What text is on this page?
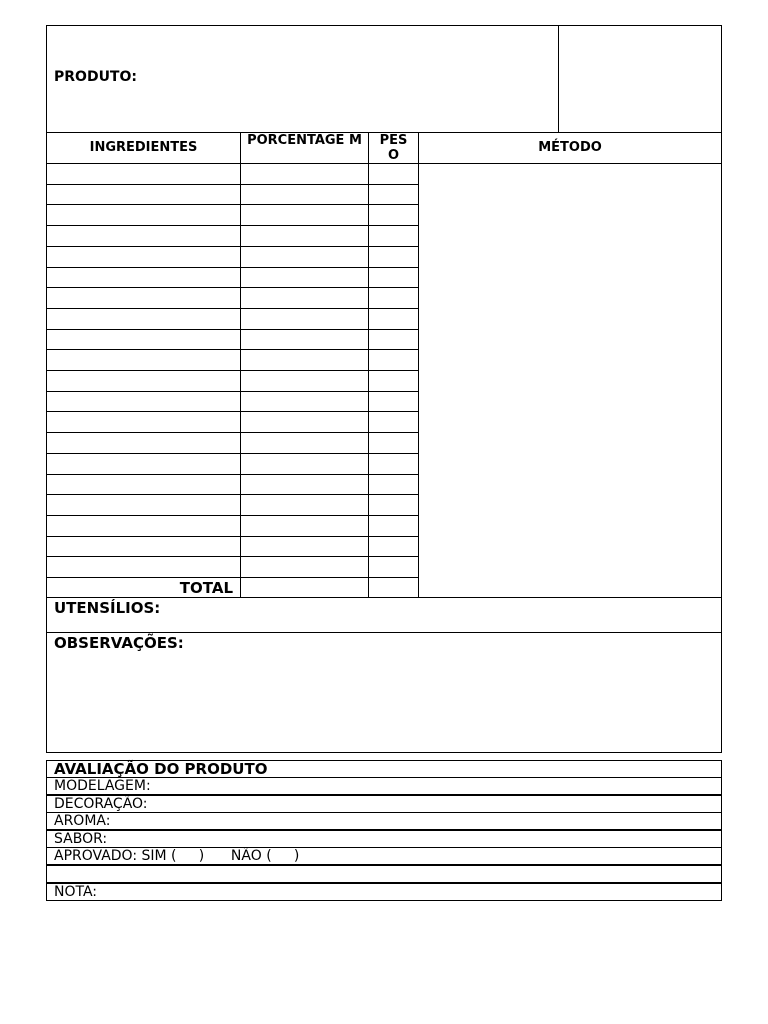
PRODUTO:
INGREDIENTES	PORCENTAGE M PES O
MÉTODO
TOTAL
UTENSÍLIOS:
OBSERVAÇÕES:
AVALIAÇÃO DO PRODUTO
MODELAGEM:
DECORAÇÃO:
AROMA:
SABOR:
APROVADO: SIM (     )      NÃO (     )
NOTA:
